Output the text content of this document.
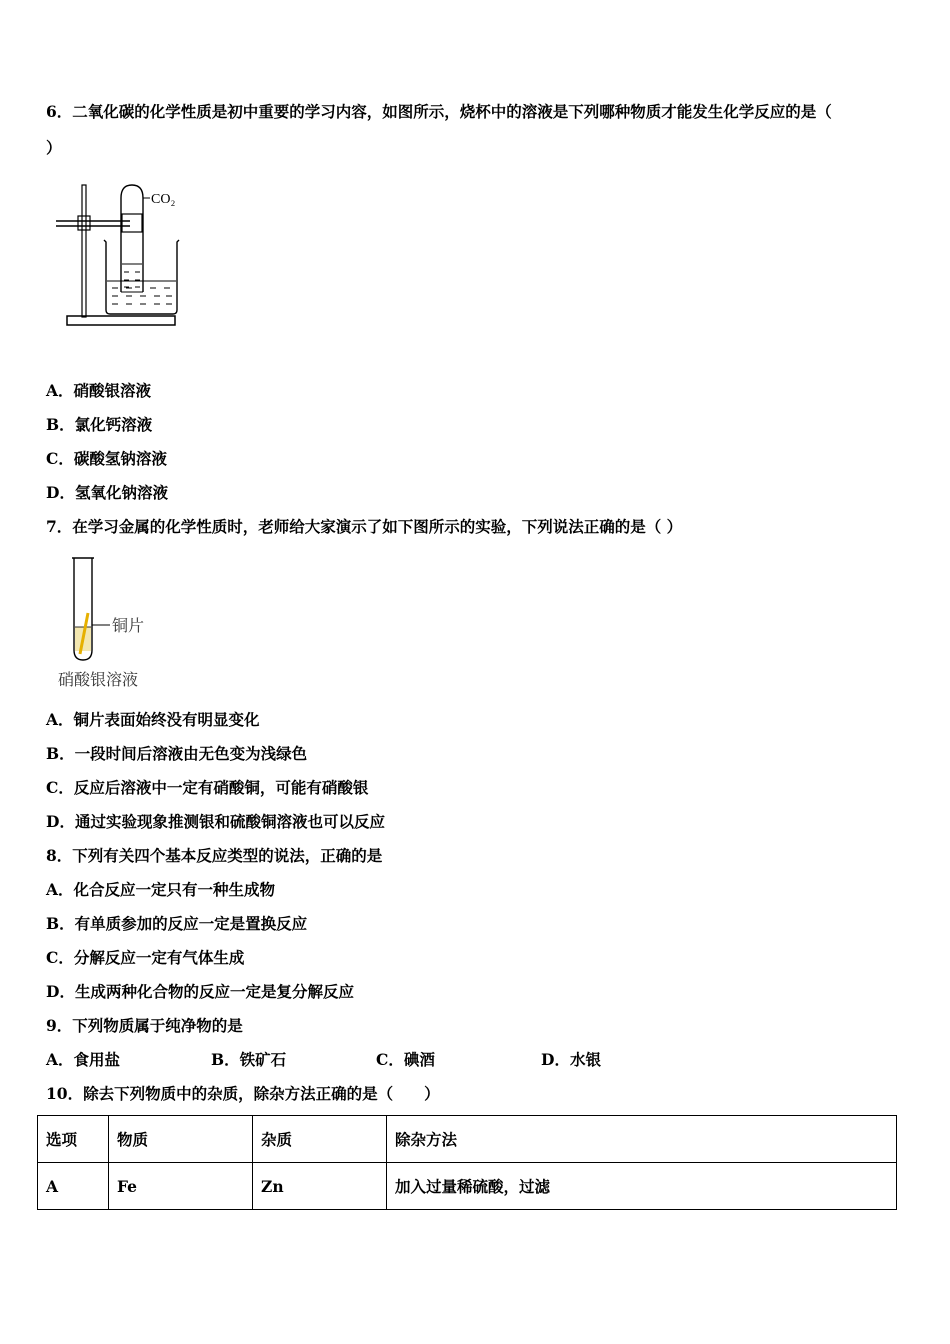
6．二氧化碳的化学性质是初中重要的学习内容，如图所示，烧杯中的溶液是下列哪种物质才能发生化学反应的是（
）
CO₂
A．硝酸银溶液
B．氯化钙溶液
C．碳酸氢钠溶液
D．氢氧化钠溶液
7．在学习金属的化学性质时，老师给大家演示了如下图所示的实验，下列说法正确的是（ ）
铜片
硝酸银溶液
A．铜片表面始终没有明显变化
B．一段时间后溶液由无色变为浅绿色
C．反应后溶液中一定有硝酸铜，可能有硝酸银
D．通过实验现象推测银和硫酸铜溶液也可以反应
8．下列有关四个基本反应类型的说法，正确的是
A．化合反应一定只有一种生成物
B．有单质参加的反应一定是置换反应
C．分解反应一定有气体生成
D．生成两种化合物的反应一定是复分解反应
9．下列物质属于纯净物的是
A．食用盐	B．铁矿石	C．碘酒	D．水银
10．除去下列物质中的杂质，除杂方法正确的是（　　）
选项	物质	杂质	除杂方法
A	Fe	Zn	加入过量稀硫酸，过滤
